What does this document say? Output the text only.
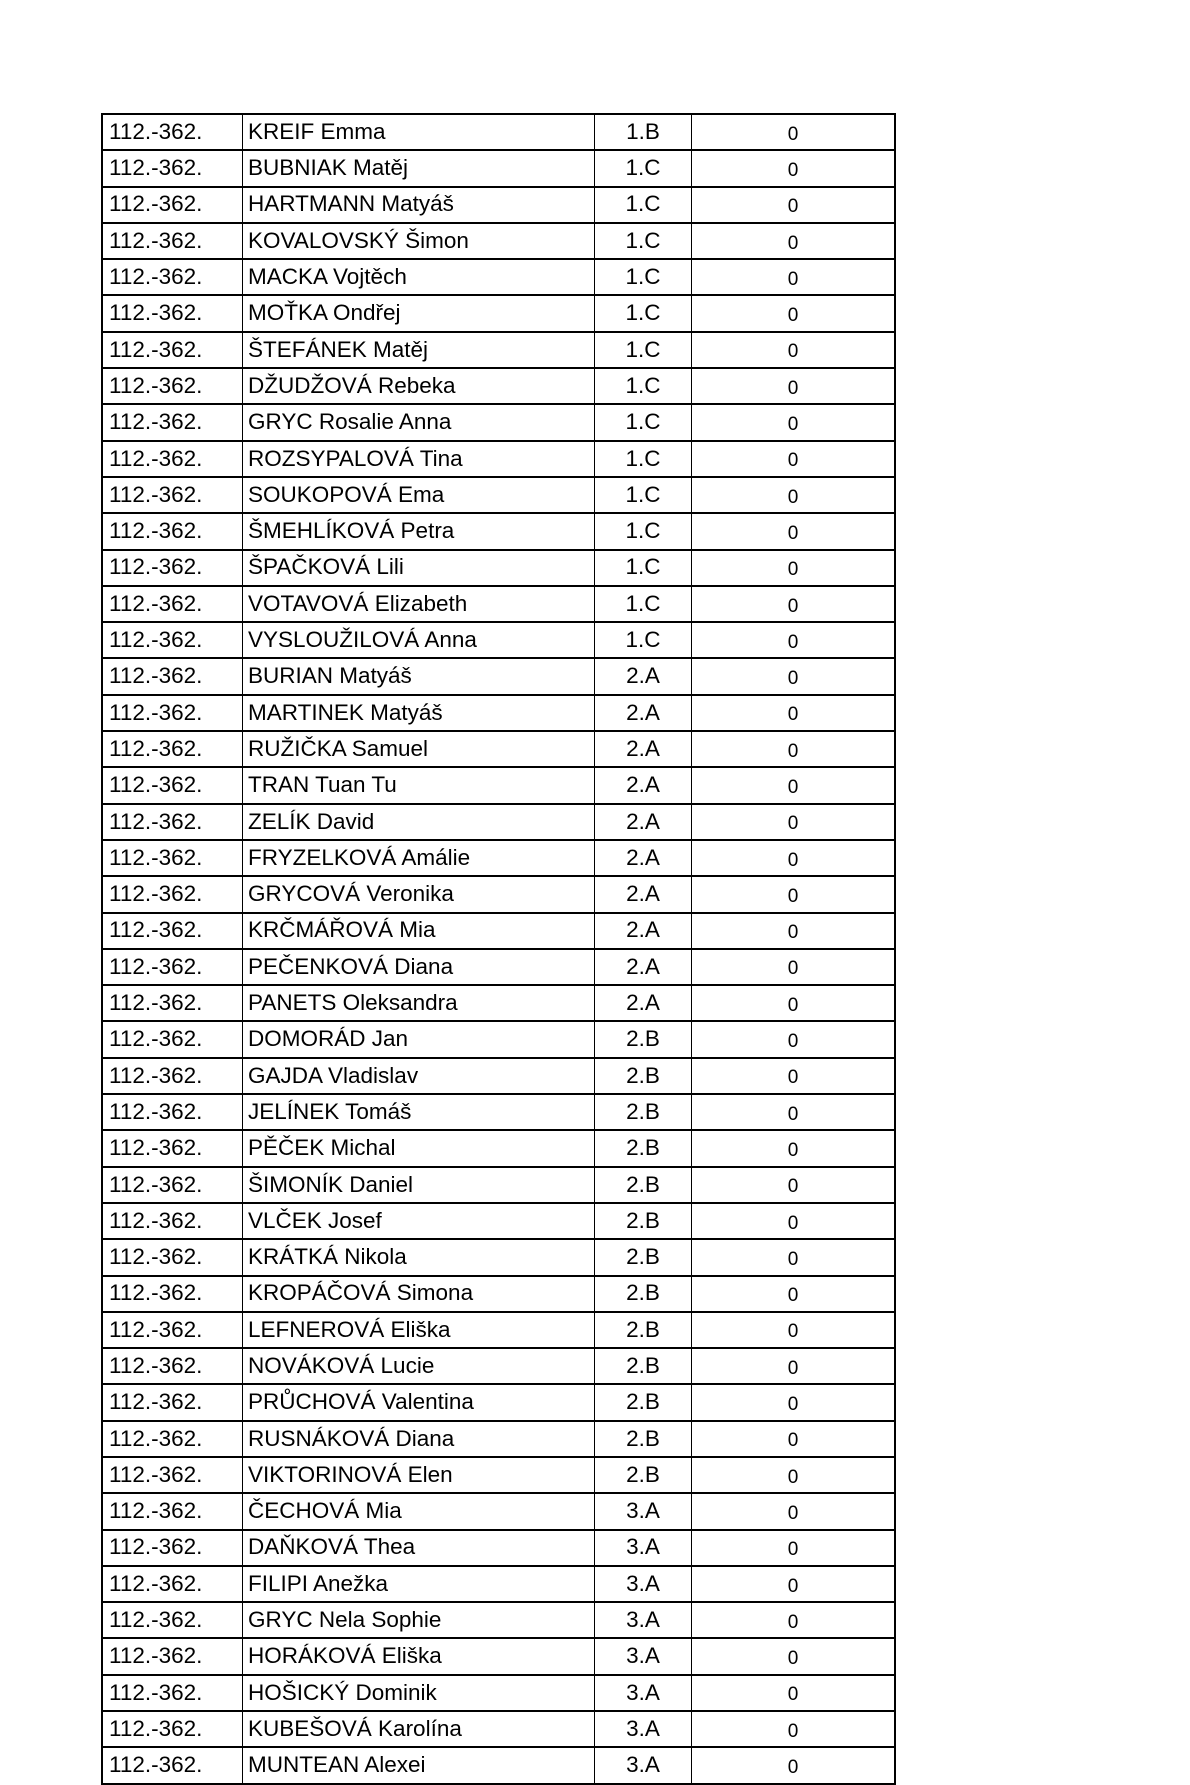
112.-362.	KREIF Emma	1.B	0
112.-362.	BUBNIAK Matěj	1.C	0
112.-362.	HARTMANN Matyáš	1.C	0
112.-362.	KOVALOVSKÝ Šimon	1.C	0
112.-362.	MACKA Vojtěch	1.C	0
112.-362.	MOŤKA Ondřej	1.C	0
112.-362.	ŠTEFÁNEK Matěj	1.C	0
112.-362.	DŽUDŽOVÁ Rebeka	1.C	0
112.-362.	GRYC Rosalie Anna	1.C	0
112.-362.	ROZSYPALOVÁ Tina	1.C	0
112.-362.	SOUKOPOVÁ Ema	1.C	0
112.-362.	ŠMEHLÍKOVÁ Petra	1.C	0
112.-362.	ŠPAČKOVÁ Lili	1.C	0
112.-362.	VOTAVOVÁ Elizabeth	1.C	0
112.-362.	VYSLOUŽILOVÁ Anna	1.C	0
112.-362.	BURIAN Matyáš	2.A	0
112.-362.	MARTINEK Matyáš	2.A	0
112.-362.	RUŽIČKA Samuel	2.A	0
112.-362.	TRAN Tuan Tu	2.A	0
112.-362.	ZELÍK David	2.A	0
112.-362.	FRYZELKOVÁ Amálie	2.A	0
112.-362.	GRYCOVÁ Veronika	2.A	0
112.-362.	KRČMÁŘOVÁ Mia	2.A	0
112.-362.	PEČENKOVÁ Diana	2.A	0
112.-362.	PANETS Oleksandra	2.A	0
112.-362.	DOMORÁD Jan	2.B	0
112.-362.	GAJDA Vladislav	2.B	0
112.-362.	JELÍNEK Tomáš	2.B	0
112.-362.	PĚČEK Michal	2.B	0
112.-362.	ŠIMONÍK Daniel	2.B	0
112.-362.	VLČEK Josef	2.B	0
112.-362.	KRÁTKÁ Nikola	2.B	0
112.-362.	KROPÁČOVÁ Simona	2.B	0
112.-362.	LEFNEROVÁ Eliška	2.B	0
112.-362.	NOVÁKOVÁ Lucie	2.B	0
112.-362.	PRŮCHOVÁ Valentina	2.B	0
112.-362.	RUSNÁKOVÁ Diana	2.B	0
112.-362.	VIKTORINOVÁ Elen	2.B	0
112.-362.	ČECHOVÁ Mia	3.A	0
112.-362.	DAŇKOVÁ Thea	3.A	0
112.-362.	FILIPI Anežka	3.A	0
112.-362.	GRYC Nela Sophie	3.A	0
112.-362.	HORÁKOVÁ Eliška	3.A	0
112.-362.	HOŠICKÝ Dominik	3.A	0
112.-362.	KUBEŠOVÁ Karolína	3.A	0
112.-362.	MUNTEAN Alexei	3.A	0
